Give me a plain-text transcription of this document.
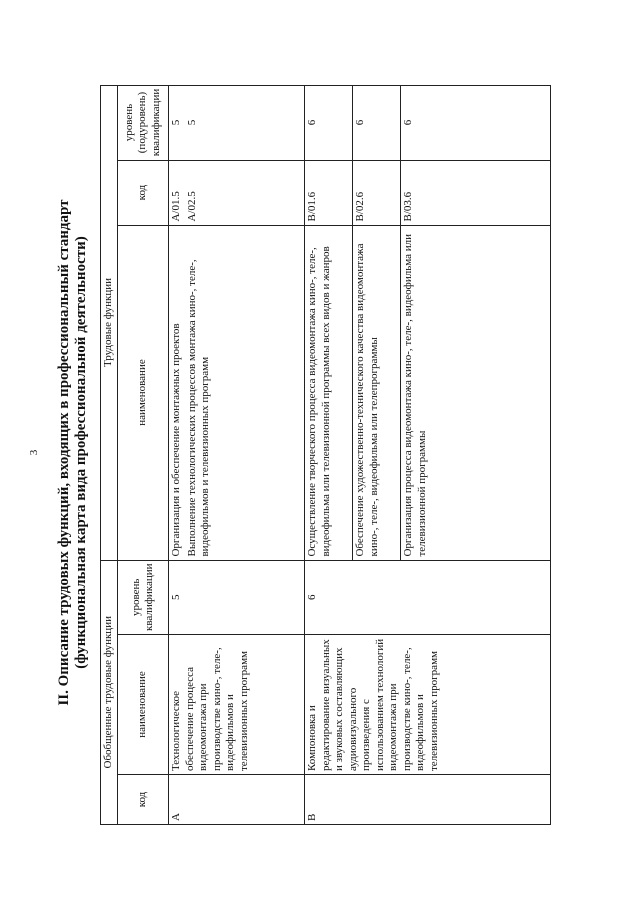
3 II. Описание трудовых функций, входящих в профессиональный стандарт (функциональная карта вида профессиональной деятельности)
Обобщенные трудовые функции			Трудовые функции		
код	наименование	уровень квалификации	наименование	код	уровень (подуровень) квалификации
A	Технологическое обеспечение процесса видеомонтажа при производстве кино-, теле-, видеофильмов и телевизионных программ	5	Организация и обеспечение монтажных проектов	A/01.5	5
			Выполнение технологических процессов монтажа кино-, теле-, видеофильмов и телевизионных программ	A/02.5	5
B	Компоновка и редактирование визуальных и звуковых составляющих аудиовизуального произведения с использованием технологий видеомонтажа при производстве кино-, теле-, видеофильмов и телевизионных программ	6	Осуществление творческого процесса видеомонтажа кино-, теле-, видеофильма или телевизионной программы всех видов и жанров	B/01.6	6
			Обеспечение художественно-технического качества видеомонтажа кино-, теле-, видеофильма или телепрограммы	B/02.6	6
			Организация процесса видеомонтажа кино-, теле-, видеофильма или телевизионной программы	B/03.6	6
